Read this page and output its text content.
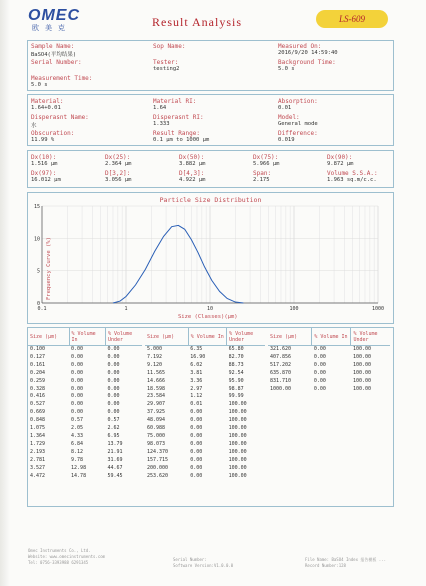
OMEC
欧 美 克	Result Analysis	LS-609
Sample Name:
BaSO4(平均结果)
Serial Number:
Measurement Time:
5.0 s
Sop Name:
Tester:
testing2
Measured On:
2016/9/20 14:59:40
Background Time:
5.0 s
Material:
1.64+0.01
Disperasnt Name:
水
Obscuration:
11.99 %
Material RI:
1.64
Disperasnt RI:
1.333
Result Range:
0.1 μm to 1000 μm
Absorption:
0.01
Model:
General mode
Difference:
0.019
Dx(10):
1.516 μm
Dx(97):
16.012 μm
Dx(25):
2.364 μm
D[3,2]:
3.056 μm
Dx(50):
3.882 μm
D[4,3]:
4.922 μm
Dx(75):
5.966 μm
Span:
2.175
Dx(90):
9.872 μm
Volume S.S.A.:
1.963 sq.m/c.c.
Particle Size Distribution
0.1	1	10	100	1000
0
5
10
15
Frequency Curve (%)
Size (Classes)(μm)
Size (μm)	% Volume In	% Volume Under
0.100	0.00	0.00
0.127	0.00	0.00
0.161	0.00	0.00
0.204	0.00	0.00
0.259	0.00	0.00
0.328	0.00	0.00
0.416	0.00	0.00
0.527	0.00	0.00
0.669	0.00	0.00
0.848	0.57	0.57
1.075	2.05	2.62
1.364	4.33	6.95
1.729	6.84	13.79
2.193	8.12	21.91
2.781	9.78	31.69
3.527	12.98	44.67
4.472	14.78	59.45
Size (μm)	% Volume In	% Volume Under
5.000	6.35	65.80
7.192	16.90	82.70
9.120	6.02	88.73
11.565	3.81	92.54
14.666	3.36	95.90
18.598	2.97	98.87
23.584	1.12	99.99
29.907	0.01	100.00
37.925	0.00	100.00
48.094	0.00	100.00
60.988	0.00	100.00
75.000	0.00	100.00
98.073	0.00	100.00
124.370	0.00	100.00
157.715	0.00	100.00
200.000	0.00	100.00
253.620	0.00	100.00
Size (μm)	% Volume In	% Volume Under
321.620	0.00	100.00
407.856	0.00	100.00
517.202	0.00	100.00
635.870	0.00	100.00
831.710	0.00	100.00
1000.00	0.00	100.00
Omec Instruments Co., Ltd.
Website: www.omecinstruments.com
Tel: 0756-3393988 6291345
Serial Number:
Software Version:V1.0.0.0
File Name: BaSO4 Index 报告模板 ...
Record Number:128
